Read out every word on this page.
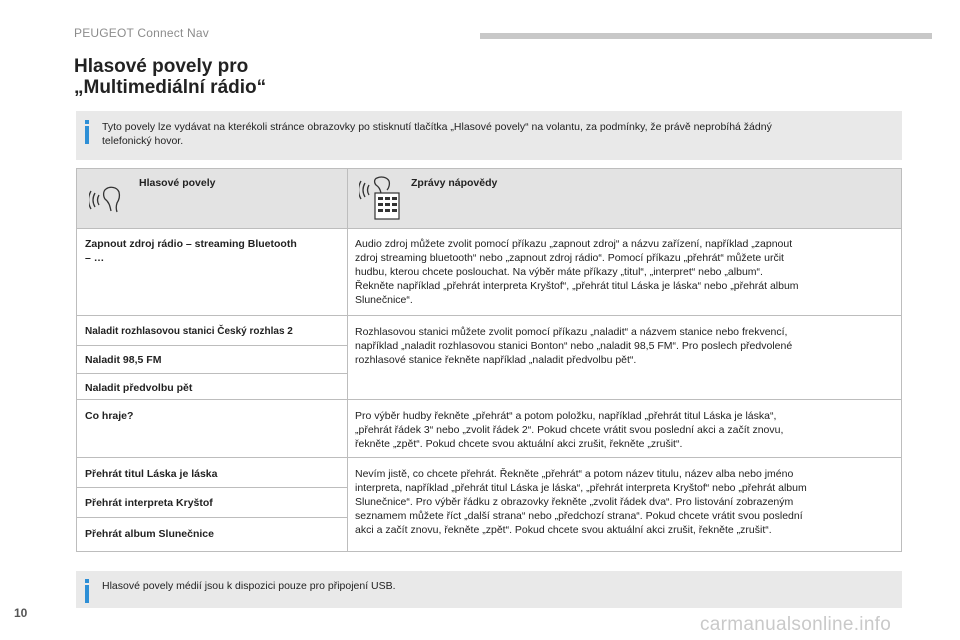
PEUGEOT Connect Nav
Hlasové povely pro
„Multimediální rádio“
Tyto povely lze vydávat na kterékoli stránce obrazovky po stisknutí tlačítka „Hlasové povely“ na volantu, za podmínky, že právě neprobíhá žádný
telefonický hovor.
Hlasové povely	Zprávy nápovědy
Zapnout zdroj rádio – streaming Bluetooth
– …
Audio zdroj můžete zvolit pomocí příkazu „zapnout zdroj“ a názvu zařízení, například „zapnout
zdroj streaming bluetooth“ nebo „zapnout zdroj rádio“. Pomocí příkazu „přehrát“ můžete určit
hudbu, kterou chcete poslouchat. Na výběr máte příkazy „titul“, „interpret“ nebo „album“.
Řekněte například „přehrát interpreta Kryštof“, „přehrát titul Láska je láska“ nebo „přehrát album
Slunečnice“.
Naladit rozhlasovou stanici Český rozhlas 2
Naladit 98,5 FM
Naladit předvolbu pět
Rozhlasovou stanici můžete zvolit pomocí příkazu „naladit“ a názvem stanice nebo frekvencí,
například „naladit rozhlasovou stanici Bonton“ nebo „naladit 98,5 FM“. Pro poslech předvolené
rozhlasové stanice řekněte například „naladit předvolbu pět“.
Co hraje?	Pro výběr hudby řekněte „přehrát“ a potom položku, například „přehrát titul Láska je láska“,
„přehrát řádek 3“ nebo „zvolit řádek 2“. Pokud chcete vrátit svou poslední akci a začít znovu,
řekněte „zpět“. Pokud chcete svou aktuální akci zrušit, řekněte „zrušit“.
Přehrát titul Láska je láska
Přehrát interpreta Kryštof
Přehrát album Slunečnice
Nevím jistě, co chcete přehrát. Řekněte „přehrát“ a potom název titulu, název alba nebo jméno
interpreta, například „přehrát titul Láska je láska“, „přehrát interpreta Kryštof“ nebo „přehrát album
Slunečnice“. Pro výběr řádku z obrazovky řekněte „zvolit řádek dva“. Pro listování zobrazeným
seznamem můžete říct „další strana“ nebo „předchozí strana“. Pokud chcete vrátit svou poslední
akci a začít znovu, řekněte „zpět“. Pokud chcete svou aktuální akci zrušit, řekněte „zrušit“.
Hlasové povely médií jsou k dispozici pouze pro připojení USB.
10
carmanualsonline.info
